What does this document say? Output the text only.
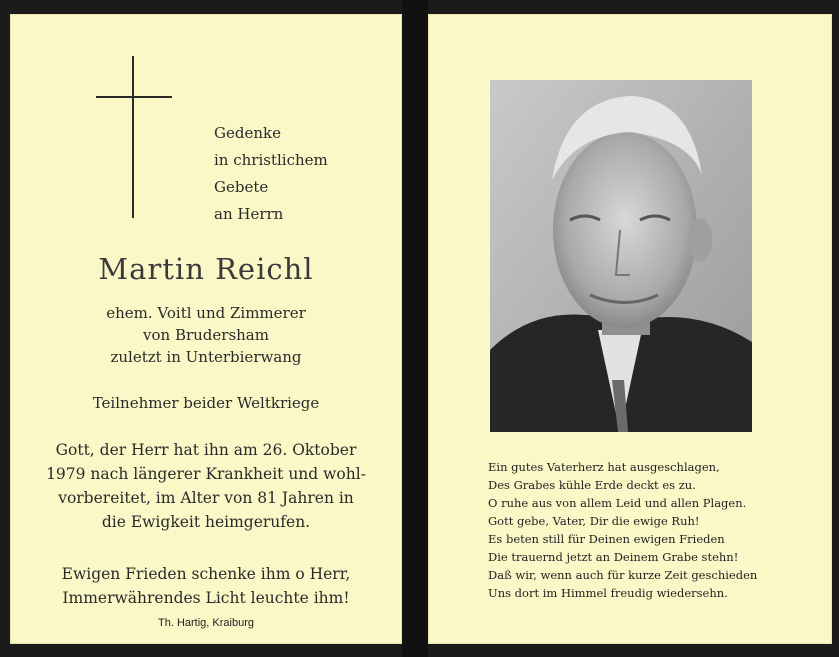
Gedenke
in christlichem
Gebete
an Herrn
Martin Reichl
ehem. Voitl und Zimmerer
von Brudersham
zuletzt in Unterbierwang
Teilnehmer beider Weltkriege
Gott, der Herr hat ihn am 26. Oktober
1979 nach längerer Krankheit und wohl-
vorbereitet, im Alter von 81 Jahren in
die Ewigkeit heimgerufen.
Ewigen Frieden schenke ihm o Herr,
Immerwährendes Licht leuchte ihm!
Th. Hartig, Kraiburg
Ein gutes Vaterherz hat ausgeschlagen,
Des Grabes kühle Erde deckt es zu.
O ruhe aus von allem Leid und allen Plagen.
Gott gebe, Vater, Dir die ewige Ruh!
Es beten still für Deinen ewigen Frieden
Die trauernd jetzt an Deinem Grabe stehn!
Daß wir, wenn auch für kurze Zeit geschieden
Uns dort im Himmel freudig wiedersehn.
